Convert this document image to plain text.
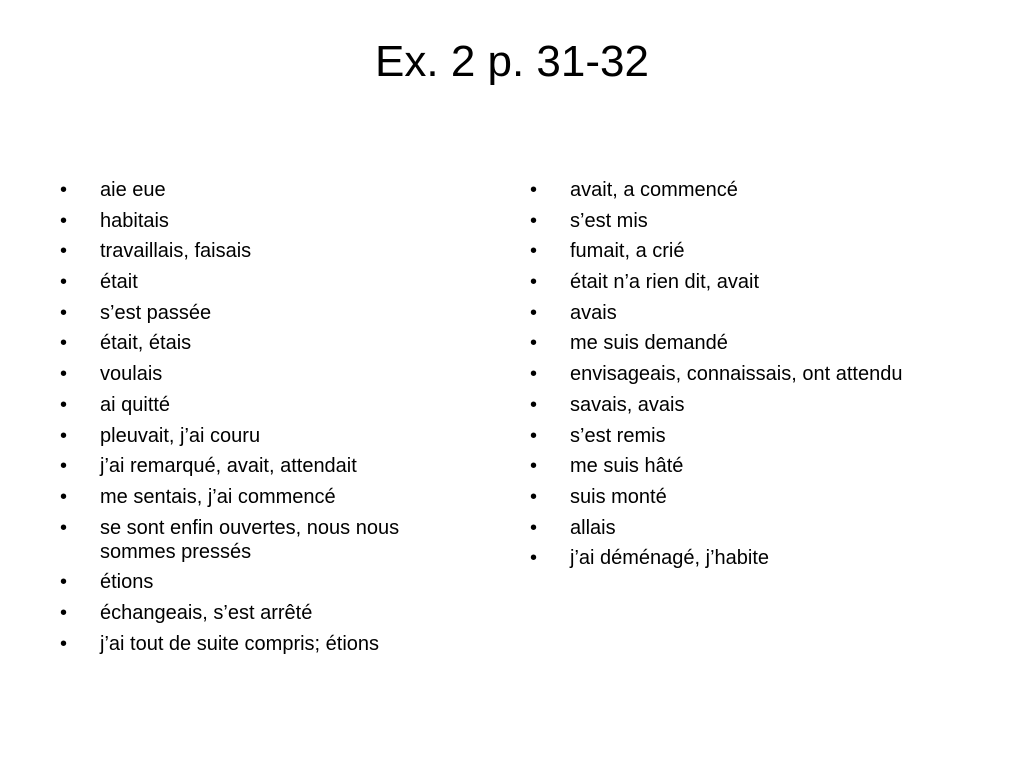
Ex. 2 p. 31-32
• aie eue
• habitais
• travaillais, faisais
• était
• s’est passée
• était, étais
• voulais
• ai quitté
• pleuvait, j’ai couru
• j’ai remarqué, avait, attendait
• me sentais, j’ai commencé
• se sont enfin ouvertes, nous nous sommes pressés
• étions
• échangeais, s’est arrêté
• j’ai tout de suite compris; étions
• avait, a commencé
• s’est mis
• fumait, a crié
• était n’a rien dit, avait
• avais
• me suis demandé
• envisageais, connaissais, ont attendu
• savais, avais
• s’est remis
• me suis hâté
• suis monté
• allais
• j’ai déménagé, j’habite
